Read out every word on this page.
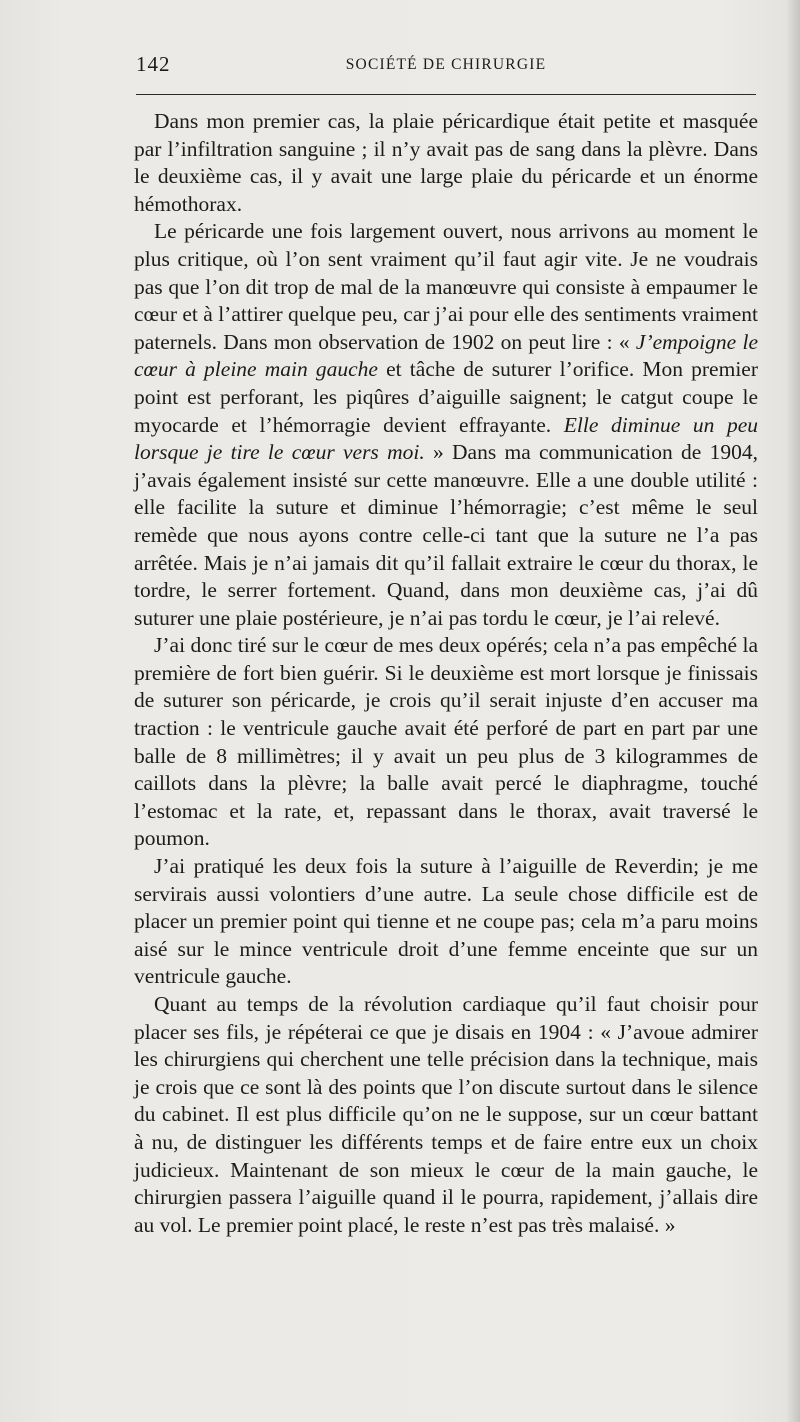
142	SOCIÉTÉ DE CHIRURGIE

Dans mon premier cas, la plaie péricardique était petite et masquée par l’infiltration sanguine ; il n’y avait pas de sang dans la plèvre. Dans le deuxième cas, il y avait une large plaie du péricarde et un énorme hémothorax.

Le péricarde une fois largement ouvert, nous arrivons au moment le plus critique, où l’on sent vraiment qu’il faut agir vite. Je ne voudrais pas que l’on dit trop de mal de la manœuvre qui consiste à empaumer le cœur et à l’attirer quelque peu, car j’ai pour elle des sentiments vraiment paternels. Dans mon observation de 1902 on peut lire : « J’empoigne le cœur à pleine main gauche et tâche de suturer l’orifice. Mon premier point est perforant, les piqûres d’aiguille saignent; le catgut coupe le myocarde et l’hémorragie devient effrayante. Elle diminue un peu lorsque je tire le cœur vers moi. » Dans ma communication de 1904, j’avais également insisté sur cette manœuvre. Elle a une double utilité : elle facilite la suture et diminue l’hémorragie; c’est même le seul remède que nous ayons contre celle-ci tant que la suture ne l’a pas arrêtée. Mais je n’ai jamais dit qu’il fallait extraire le cœur du thorax, le tordre, le serrer fortement. Quand, dans mon deuxième cas, j’ai dû suturer une plaie postérieure, je n’ai pas tordu le cœur, je l’ai relevé.

J’ai donc tiré sur le cœur de mes deux opérés; cela n’a pas empêché la première de fort bien guérir. Si le deuxième est mort lorsque je finissais de suturer son péricarde, je crois qu’il serait injuste d’en accuser ma traction : le ventricule gauche avait été perforé de part en part par une balle de 8 millimètres; il y avait un peu plus de 3 kilogrammes de caillots dans la plèvre; la balle avait percé le diaphragme, touché l’estomac et la rate, et, repassant dans le thorax, avait traversé le poumon.

J’ai pratiqué les deux fois la suture à l’aiguille de Reverdin; je me servirais aussi volontiers d’une autre. La seule chose difficile est de placer un premier point qui tienne et ne coupe pas; cela m’a paru moins aisé sur le mince ventricule droit d’une femme enceinte que sur un ventricule gauche.

Quant au temps de la révolution cardiaque qu’il faut choisir pour placer ses fils, je répéterai ce que je disais en 1904 : « J’avoue admirer les chirurgiens qui cherchent une telle précision dans la technique, mais je crois que ce sont là des points que l’on discute surtout dans le silence du cabinet. Il est plus difficile qu’on ne le suppose, sur un cœur battant à nu, de distinguer les différents temps et de faire entre eux un choix judicieux. Maintenant de son mieux le cœur de la main gauche, le chirurgien passera l’aiguille quand il le pourra, rapidement, j’allais dire au vol. Le premier point placé, le reste n’est pas très malaisé. »
